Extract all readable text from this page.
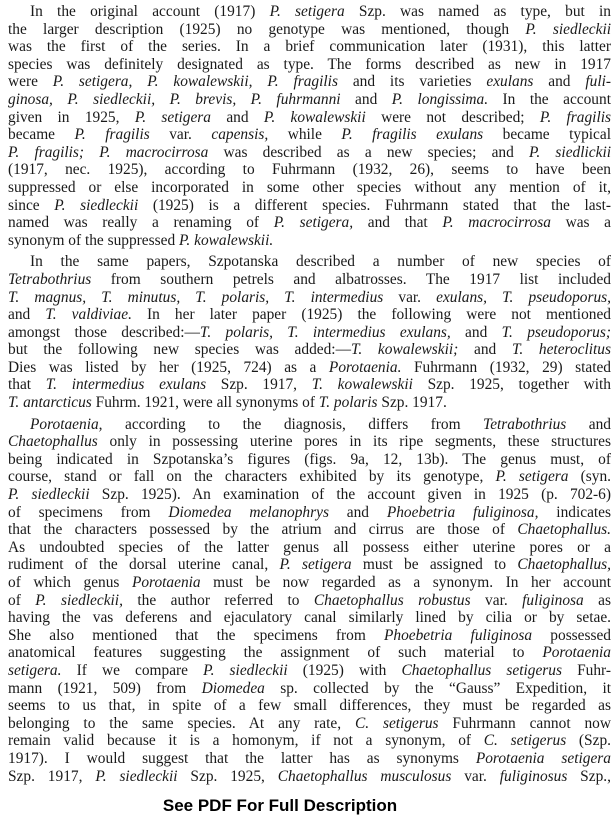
In the original account (1917) P. setigera Szp. was named as type, but in
the larger description (1925) no genotype was mentioned, though P. siedleckii
was the first of the series. In a brief communication later (1931), this latter
species was definitely designated as type. The forms described as new in 1917
were P. setigera, P. kowalewskii, P. fragilis and its varieties exulans and fuli-
ginosa, P. siedleckii, P. brevis, P. fuhrmanni and P. longissima. In the account
given in 1925, P. setigera and P. kowalewskii were not described; P. fragilis
became P. fragilis var. capensis, while P. fragilis exulans became typical
P. fragilis; P. macrocirrosa was described as a new species; and P. siedlickii
(1917, nec. 1925), according to Fuhrmann (1932, 26), seems to have been
suppressed or else incorporated in some other species without any mention of it,
since P. siedleckii (1925) is a different species. Fuhrmann stated that the last-
named was really a renaming of P. setigera, and that P. macrocirrosa was a
synonym of the suppressed P. kowalewskii.
In the same papers, Szpotanska described a number of new species of
Tetrabothrius from southern petrels and albatrosses. The 1917 list included
T. magnus, T. minutus, T. polaris, T. intermedius var. exulans, T. pseudoporus,
and T. valdiviae. In her later paper (1925) the following were not mentioned
amongst those described:—T. polaris, T. intermedius exulans, and T. pseudoporus;
but the following new species was added:—T. kowalewskii; and T. heteroclitus
Dies was listed by her (1925, 724) as a Porotaenia. Fuhrmann (1932, 29) stated
that T. intermedius exulans Szp. 1917, T. kowalewskii Szp. 1925, together with
T. antarcticus Fuhrm. 1921, were all synonyms of T. polaris Szp. 1917.
Porotaenia, according to the diagnosis, differs from Tetrabothrius and
Chaetophallus only in possessing uterine pores in its ripe segments, these structures
being indicated in Szpotanska’s figures (figs. 9a, 12, 13b). The genus must, of
course, stand or fall on the characters exhibited by its genotype, P. setigera (syn.
P. siedleckii Szp. 1925). An examination of the account given in 1925 (p. 702-6)
of specimens from Diomedea melanophrys and Phoebetria fuliginosa, indicates
that the characters possessed by the atrium and cirrus are those of Chaetophallus.
As undoubted species of the latter genus all possess either uterine pores or a
rudiment of the dorsal uterine canal, P. setigera must be assigned to Chaetophallus,
of which genus Porotaenia must be now regarded as a synonym. In her account
of P. siedleckii, the author referred to Chaetophallus robustus var. fuliginosa as
having the vas deferens and ejaculatory canal similarly lined by cilia or by setae.
She also mentioned that the specimens from Phoebetria fuliginosa possessed
anatomical features suggesting the assignment of such material to Porotaenia
setigera. If we compare P. siedleckii (1925) with Chaetophallus setigerus Fuhr-
mann (1921, 509) from Diomedea sp. collected by the “Gauss” Expedition, it
seems to us that, in spite of a few small differences, they must be regarded as
belonging to the same species. At any rate, C. setigerus Fuhrmann cannot now
remain valid because it is a homonym, if not a synonym, of C. setigerus (Szp.
1917). I would suggest that the latter has as synonyms Porotaenia setigera
Szp. 1917, P. siedleckii Szp. 1925, Chaetophallus musculosus var. fuliginosus Szp.,
See PDF For Full Description
